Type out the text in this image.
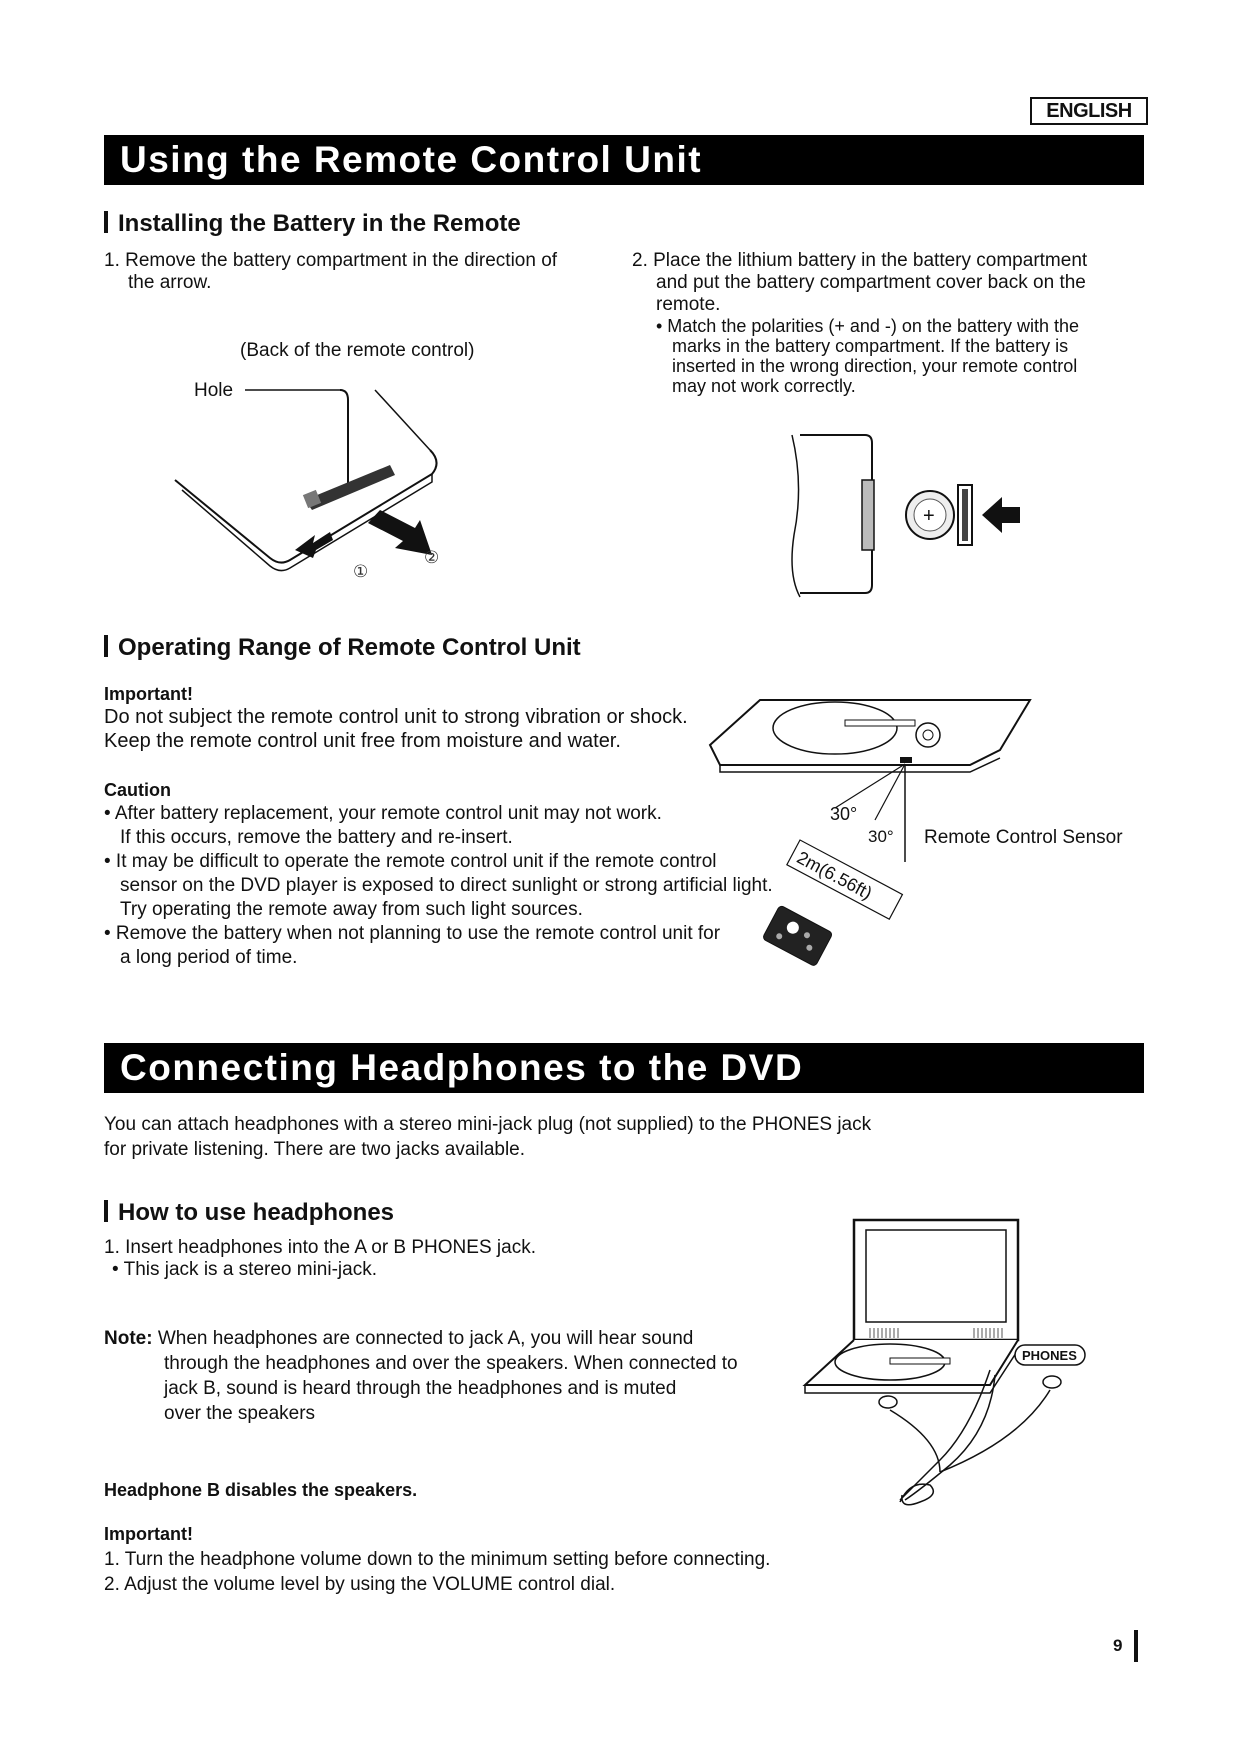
ENGLISH
Using the Remote Control Unit
Installing the Battery in the Remote

1. Remove the battery compartment in the direction of

the arrow.

(Back of the remote control)
Hole
①
②

2. Place the lithium battery in the battery compartment

and put the battery compartment cover back on the

remote.

• Match the polarities (+ and -) on the battery with the

marks in the battery compartment. If the battery is

inserted in the wrong direction, your remote control

may not work correctly.

+
Operating Range of Remote Control Unit

Important!

Do not subject the remote control unit to strong vibration or shock.

Keep the remote control unit free from moisture and water.

Caution

• After battery replacement, your remote control unit may not work.

If this occurs, remove the battery and re-insert.

• It may be difficult to operate the remote control unit if the remote control

sensor on the DVD player is exposed to direct sunlight or strong artificial light.

Try operating the remote away from such light sources.

• Remove the battery when not planning to use the remote control unit for

a long period of time.

30°
30°
2m(6.56ft)
Remote Control Sensor
Connecting Headphones to the DVD

You can attach headphones with a stereo mini-jack plug (not supplied) to the PHONES jack

for private listening. There are two jacks available.

How to use headphones

1. Insert headphones into the A or B PHONES jack.

• This jack is a stereo mini-jack.

Note: When headphones are connected to jack A, you will hear sound

through the headphones and over the speakers. When connected to

jack B, sound is heard through the headphones and is muted

over the speakers

PHONES
Headphone B disables the speakers.

Important!

1. Turn the headphone volume down to the minimum setting before connecting.

2. Adjust the volume level by using the VOLUME control dial.

9
